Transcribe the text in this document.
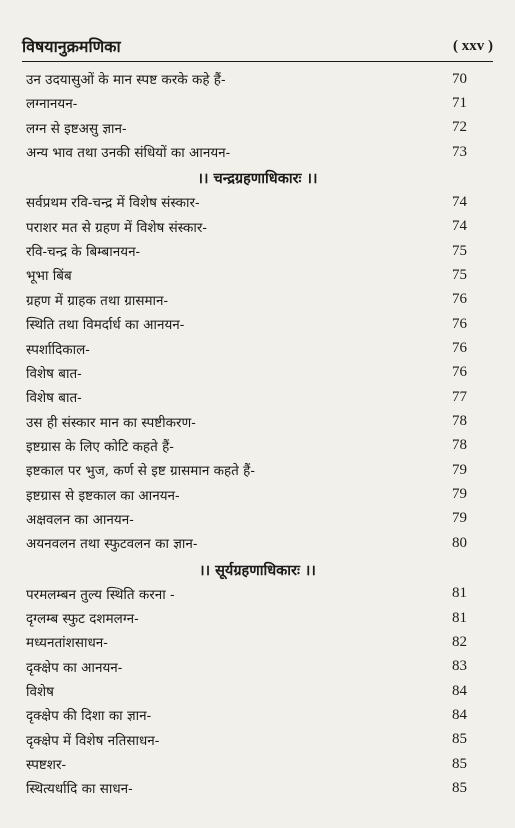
विषयानुक्रमणिका	( xxv )
उन उदयासुओं के मान स्पष्ट करके कहे हैं-	70
लग्नानयन-	71
लग्न से इष्टअसु ज्ञान-	72
अन्य भाव तथा उनकी संधियों का आनयन-	73
।। चन्द्रग्रहणाधिकारः ।।
सर्वप्रथम रवि-चन्द्र में विशेष संस्कार-	74
पराशर मत से ग्रहण में विशेष संस्कार-	74
रवि-चन्द्र के बिम्बानयन-	75
भूभा बिंब	75
ग्रहण में ग्राहक तथा ग्रासमान-	76
स्थिति तथा विमर्दार्ध का आनयन-	76
स्पर्शादिकाल-	76
विशेष बात-	76
विशेष बात-	77
उस ही संस्कार मान का स्पष्टीकरण-	78
इष्टग्रास के लिए कोटि कहते हैं-	78
इष्टकाल पर भुज, कर्ण से इष्ट ग्रासमान कहते हैं-	79
इष्टग्रास से इष्टकाल का आनयन-	79
अक्षवलन का आनयन-	79
अयनवलन तथा स्फुटवलन का ज्ञान-	80
।। सूर्यग्रहणाधिकारः ।।
परमलम्बन तुल्य स्थिति करना -	81
दृग्लम्ब स्फुट दशमलग्न-	81
मध्यनतांशसाधन-	82
दृक्क्षेप का आनयन-	83
विशेष	84
दृक्क्षेप की दिशा का ज्ञान-	84
दृक्क्षेप में विशेष नतिसाधन-	85
स्पष्टशर-	85
स्थित्यर्धादि का साधन-	85
